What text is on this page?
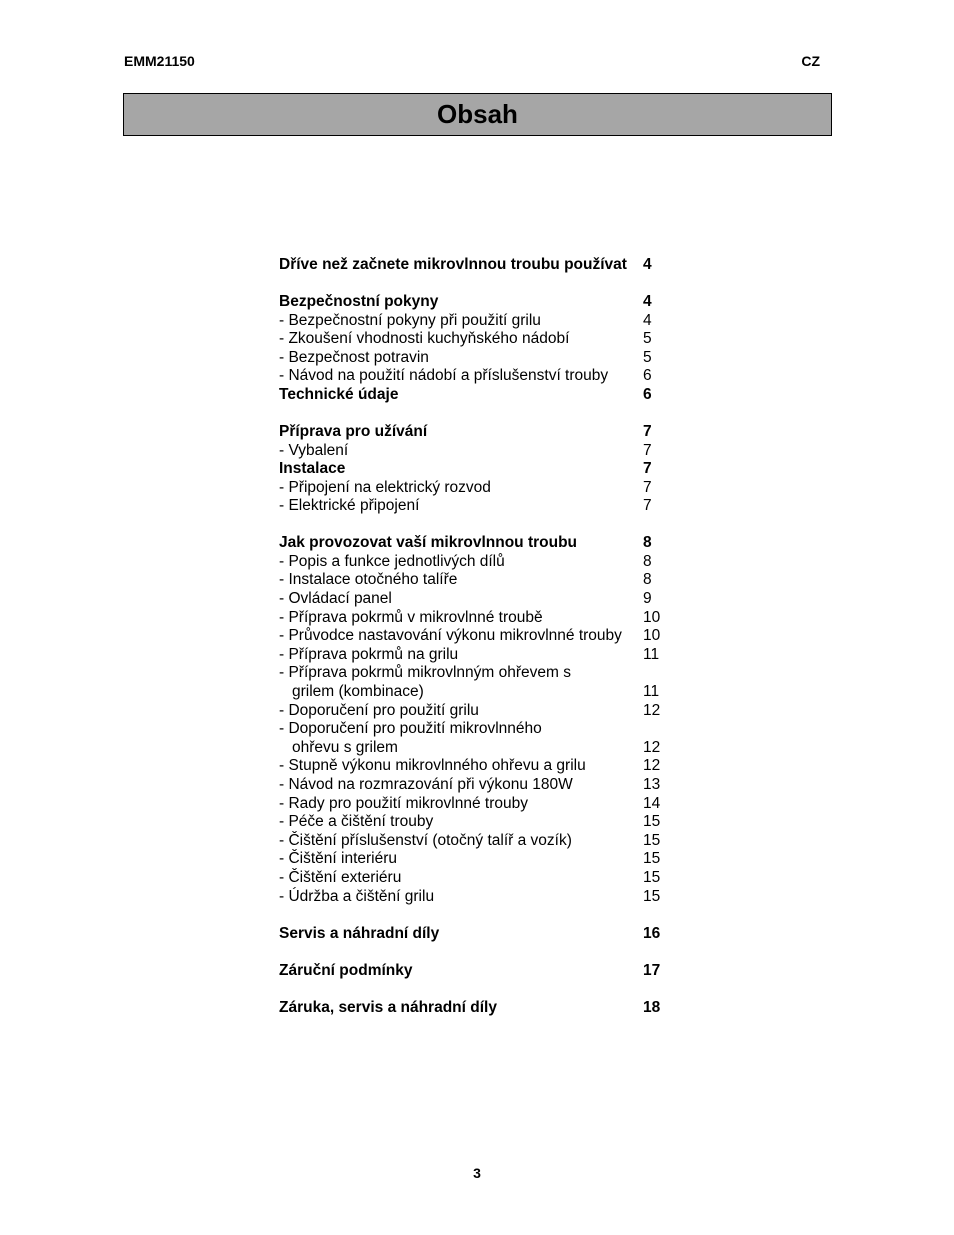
EMM21150	CZ
Obsah
Dříve než začnete mikrovlnnou troubu používat 4
Bezpečnostní pokyny	4
- Bezpečnostní pokyny při použití grilu	4
- Zkoušení vhodnosti kuchyňského nádobí	5
- Bezpečnost potravin	5
- Návod na použití nádobí a příslušenství trouby 6
Technické údaje	6
Příprava pro užívání	7
- Vybalení	7
Instalace	7
- Připojení na elektrický rozvod	7
- Elektrické připojení	7
Jak provozovat vaší mikrovlnnou troubu	8
- Popis a funkce jednotlivých dílů	8
- Instalace otočného talíře	8
- Ovládací panel	9
- Příprava pokrmů v mikrovlnné troubě	10
- Průvodce nastavování výkonu mikrovlnné trouby 10
- Příprava pokrmů na grilu	11
- Příprava pokrmů mikrovlnným ohřevem s
grilem (kombinace)	11
- Doporučení pro použití grilu	12
- Doporučení pro použití mikrovlnného
ohřevu s grilem	12
- Stupně výkonu mikrovlnného ohřevu a grilu	12
- Návod na rozmrazování při výkonu 180W	13
- Rady pro použití mikrovlnné trouby	14
- Péče a čištění trouby	15
- Čištění příslušenství (otočný talíř a vozík)	15
- Čištění interiéru	15
- Čištění exteriéru	15
- Údržba a čištění grilu	15
Servis a náhradní díly	16
Záruční podmínky	17
Záruka, servis a náhradní díly	18
3
